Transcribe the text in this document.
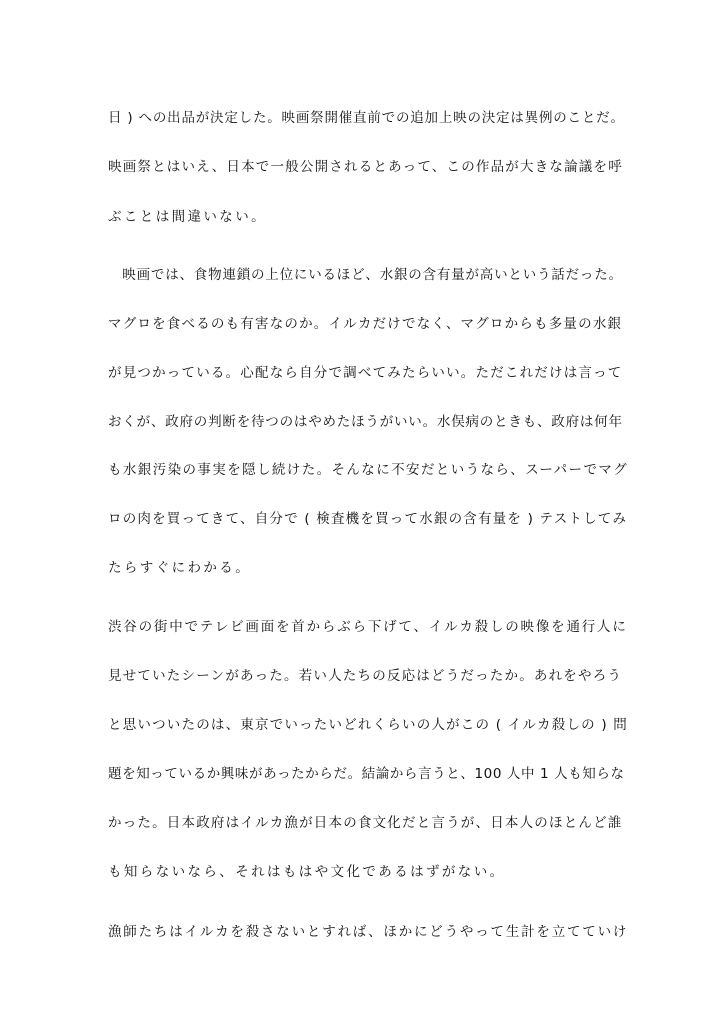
日 ) への出品が決定した。映画祭開催直前での追加上映の決定は異例のことだ。
映画祭とはいえ、日本で一般公開されるとあって、この作品が大きな論議を呼
ぶことは間違いない。
　映画では、食物連鎖の上位にいるほど、水銀の含有量が高いという話だった。
マグロを食べるのも有害なのか。イルカだけでなく、マグロからも多量の水銀
が見つかっている。心配なら自分で調べてみたらいい。ただこれだけは言って
おくが、政府の判断を待つのはやめたほうがいい。水俣病のときも、政府は何年
も水銀汚染の事実を隠し続けた。そんなに不安だというなら、スーパーでマグ
ロの肉を買ってきて、自分で ( 検査機を買って水銀の含有量を ) テストしてみ
たらすぐにわかる。
渋谷の街中でテレビ画面を首からぶら下げて、イルカ殺しの映像を通行人に
見せていたシーンがあった。若い人たちの反応はどうだったか。あれをやろう
と思いついたのは、東京でいったいどれくらいの人がこの ( イルカ殺しの ) 問
題を知っているか興味があったからだ。結論から言うと、100 人中 1 人も知らな
かった。日本政府はイルカ漁が日本の食文化だと言うが、日本人のほとんど誰
も知らないなら、それはもはや文化であるはずがない。
漁師たちはイルカを殺さないとすれば、ほかにどうやって生計を立てていけ
